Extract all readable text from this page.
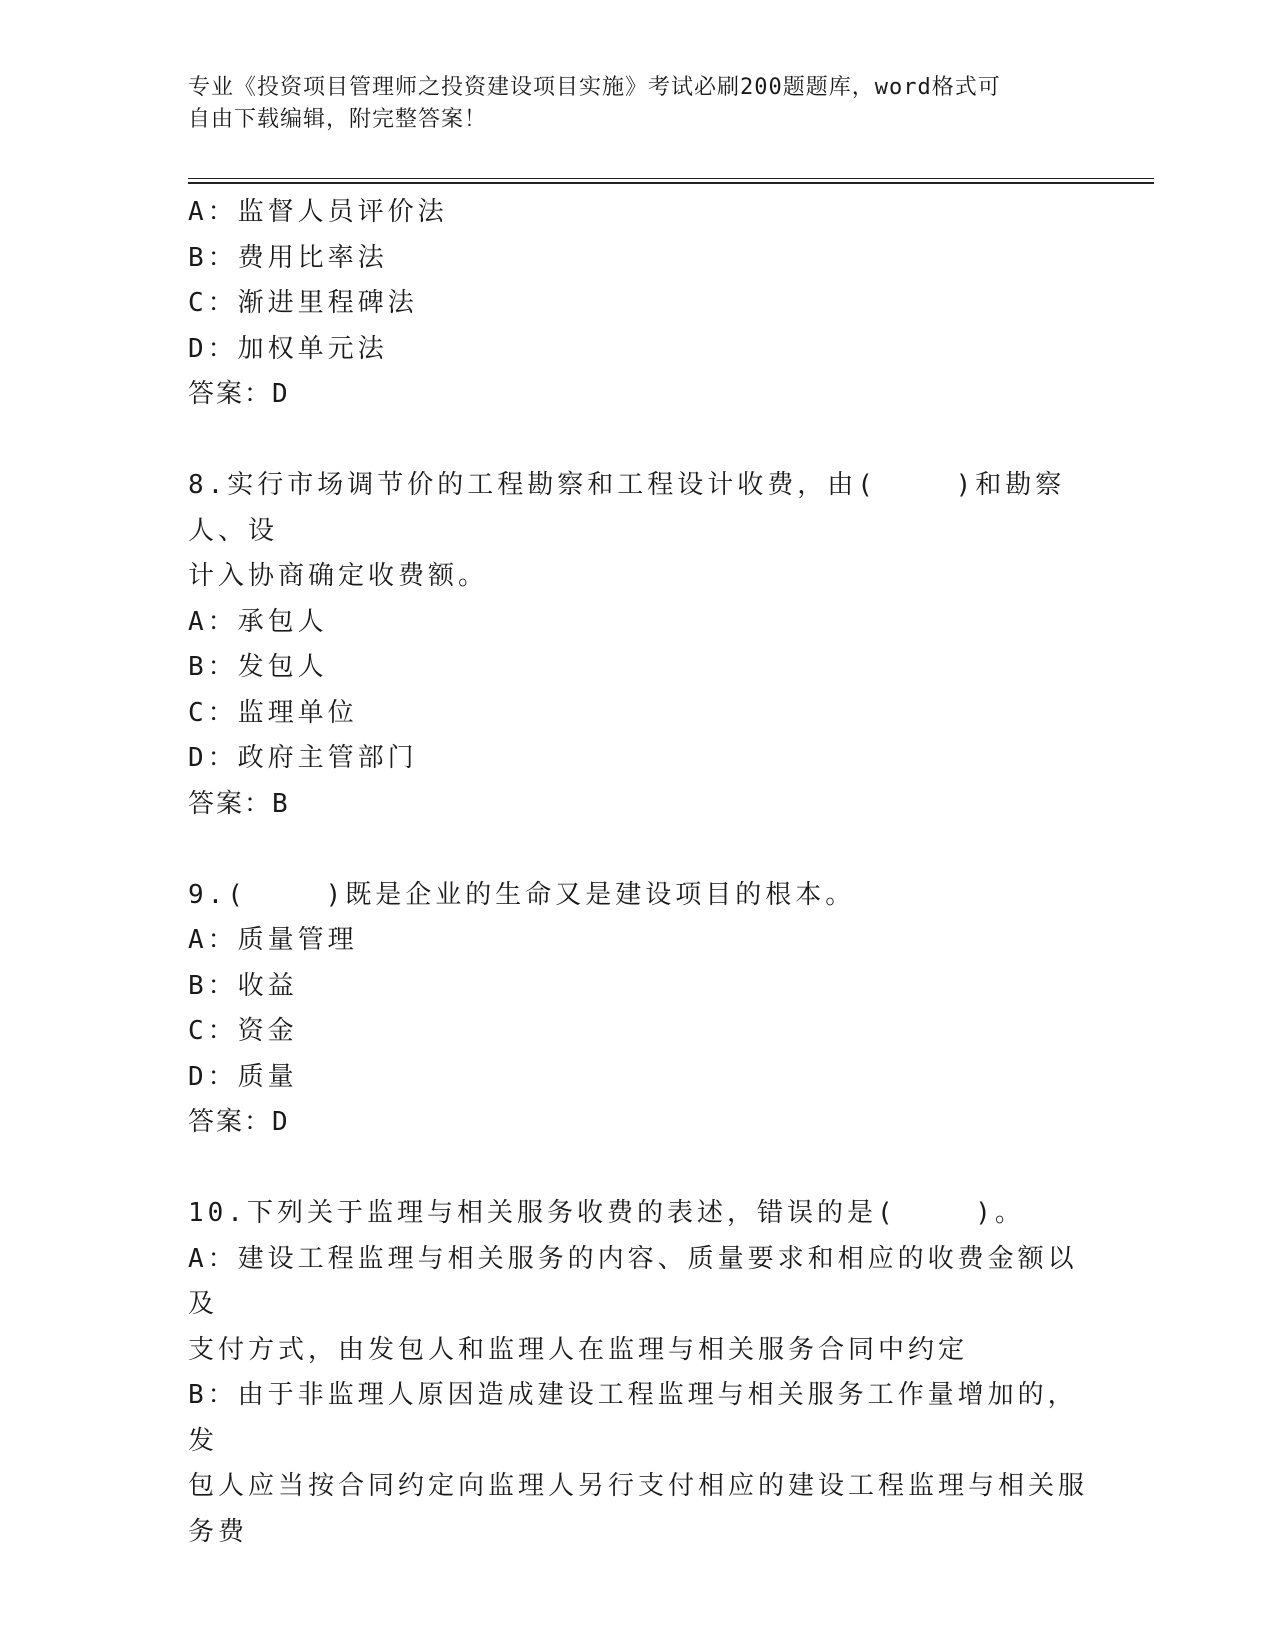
专业《投资项目管理师之投资建设项目实施》考试必刷200题题库，word格式可
自由下载编辑，附完整答案！
A：监督人员评价法
B：费用比率法
C：渐进里程碑法
D：加权单元法
答案：D
8.实行市场调节价的工程勘察和工程设计收费，由(    )和勘察人、设
计入协商确定收费额。
A：承包人
B：发包人
C：监理单位
D：政府主管部门
答案：B
9.(    )既是企业的生命又是建设项目的根本。
A：质量管理
B：收益
C：资金
D：质量
答案：D
10.下列关于监理与相关服务收费的表述，错误的是(    )。
A：建设工程监理与相关服务的内容、质量要求和相应的收费金额以及
支付方式，由发包人和监理人在监理与相关服务合同中约定
B：由于非监理人原因造成建设工程监理与相关服务工作量增加的，发
包人应当按合同约定向监理人另行支付相应的建设工程监理与相关服
务费
